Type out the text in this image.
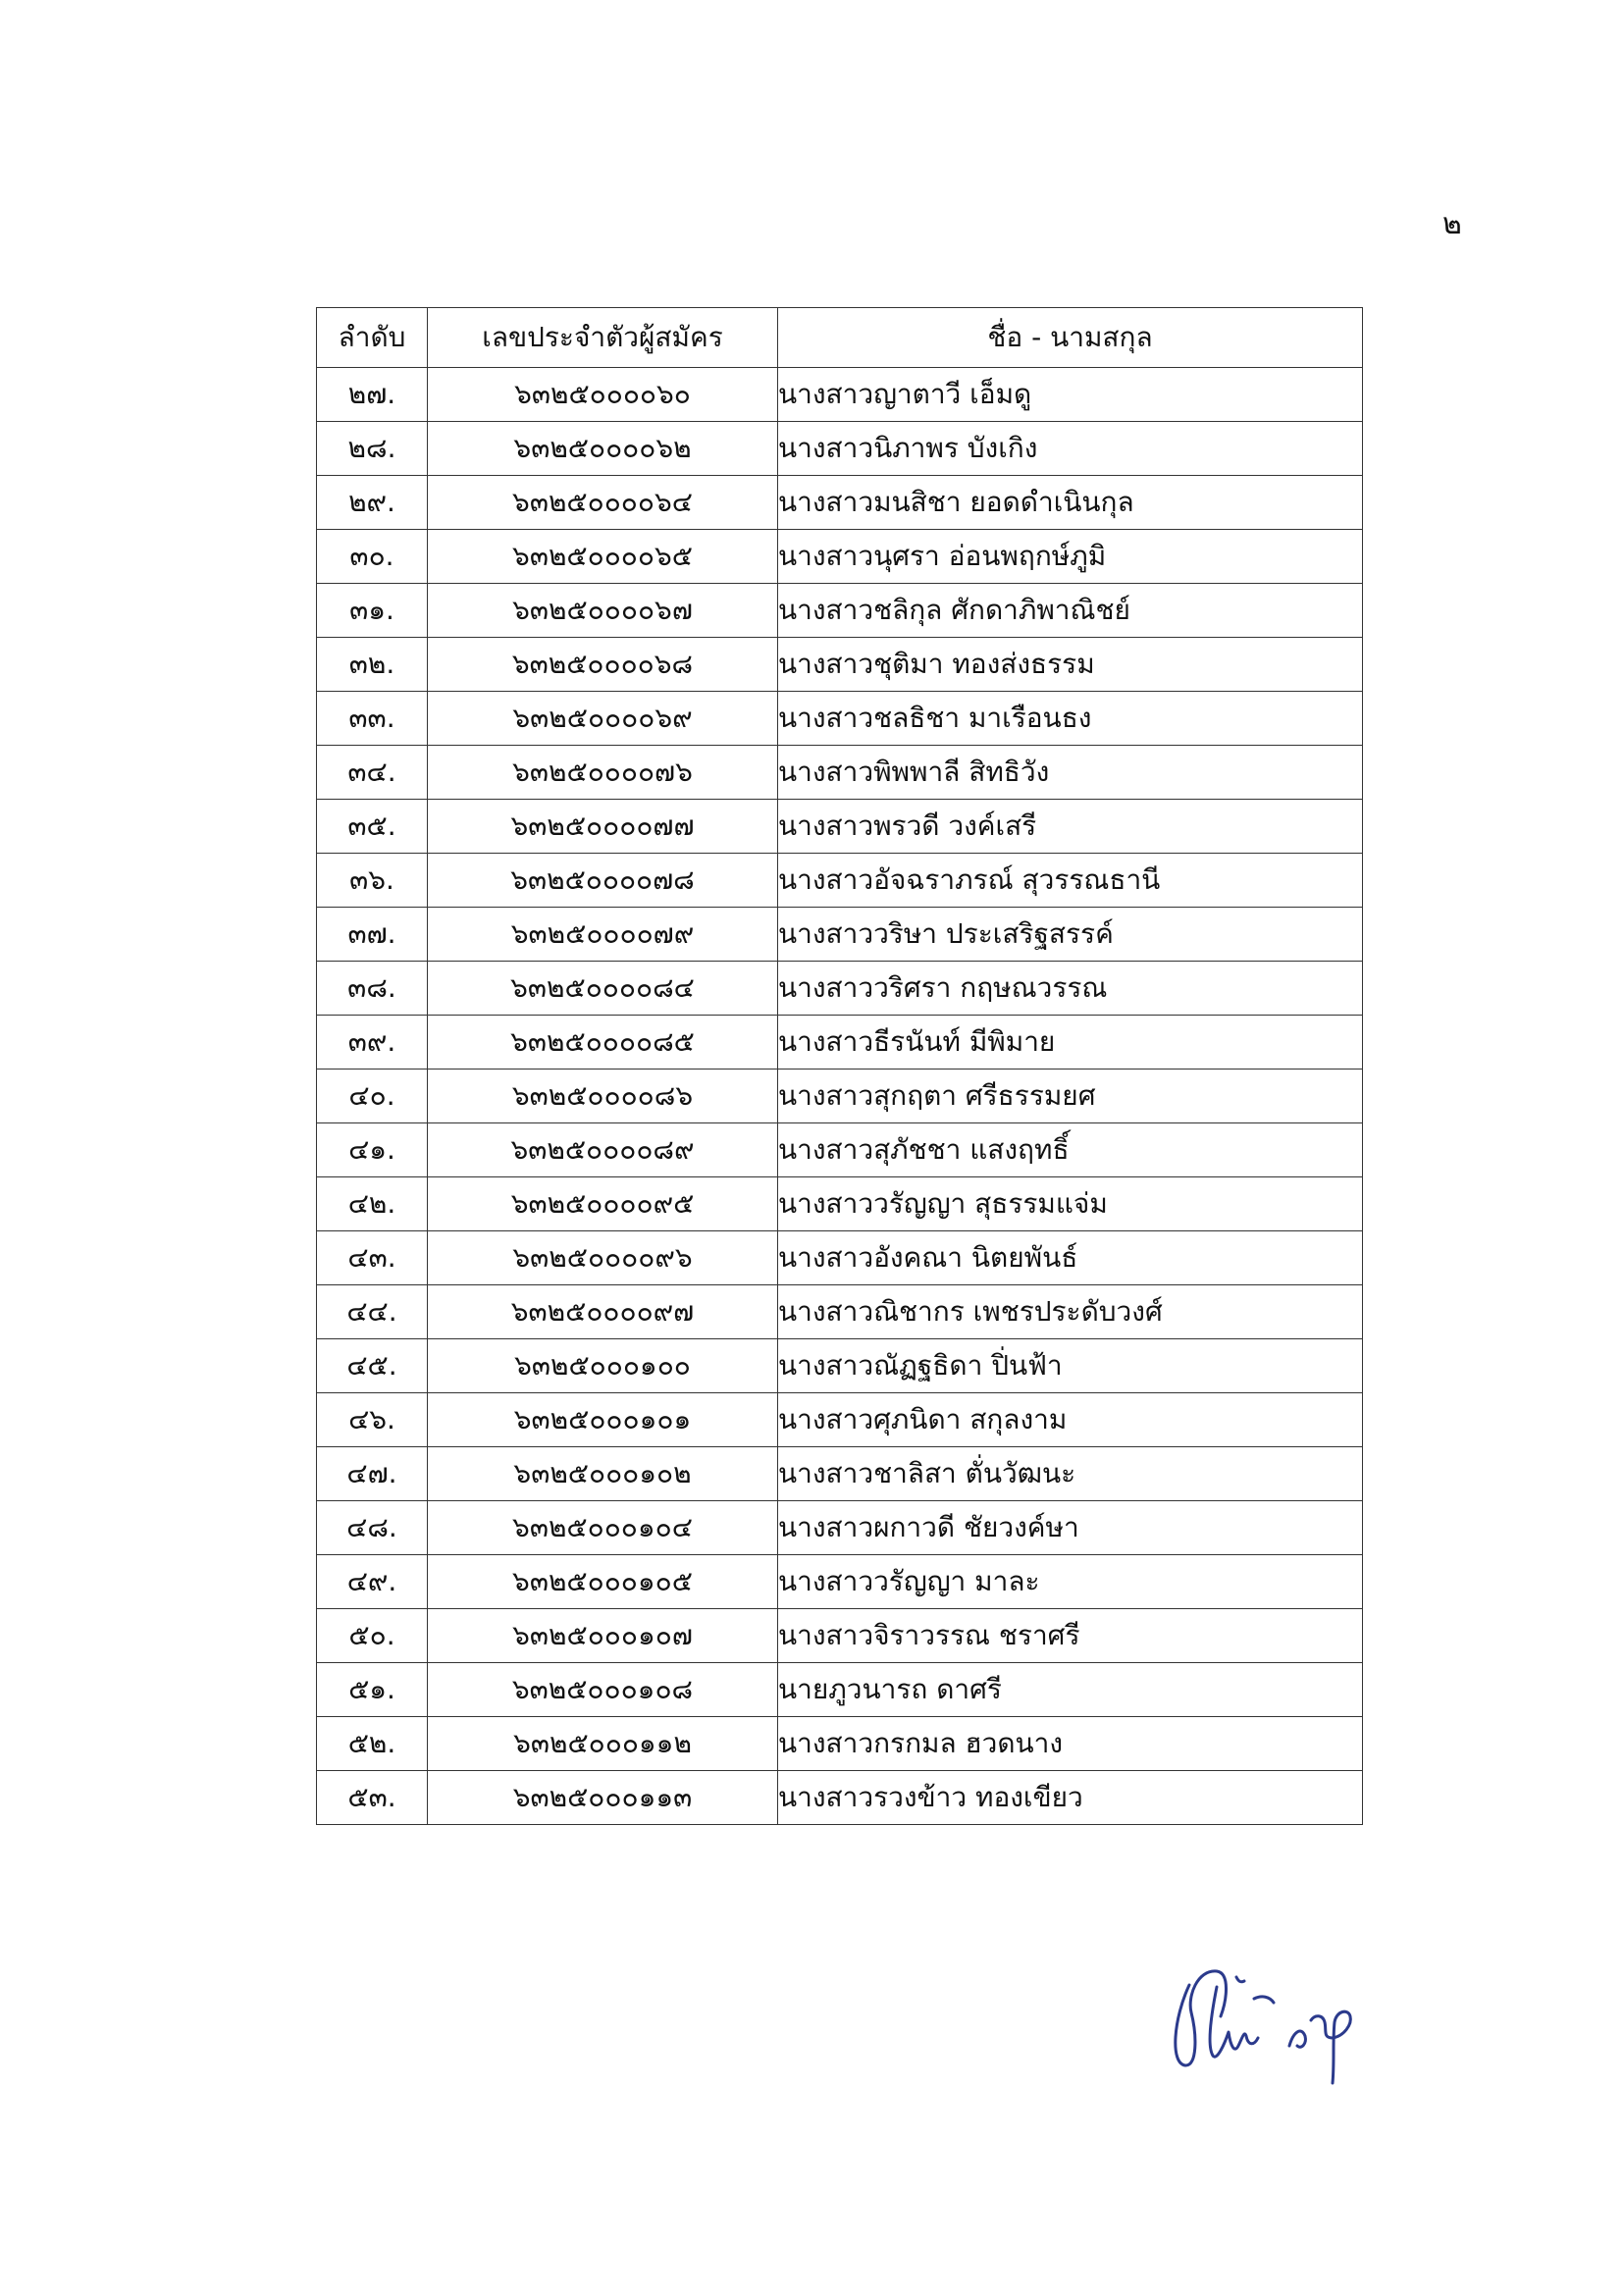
๒
ลำดับ	เลขประจำตัวผู้สมัคร	ชื่อ - นามสกุล
๒๗.	๖๓๒๕๐๐๐๐๖๐	นางสาวญาตาวี เอ็มดู
๒๘.	๖๓๒๕๐๐๐๐๖๒	นางสาวนิภาพร บังเกิง
๒๙.	๖๓๒๕๐๐๐๐๖๔	นางสาวมนสิชา ยอดดำเนินกุล
๓๐.	๖๓๒๕๐๐๐๐๖๕	นางสาวนุศรา อ่อนพฤกษ์ภูมิ
๓๑.	๖๓๒๕๐๐๐๐๖๗	นางสาวชลิกุล ศักดาภิพาณิชย์
๓๒.	๖๓๒๕๐๐๐๐๖๘	นางสาวชุติมา ทองส่งธรรม
๓๓.	๖๓๒๕๐๐๐๐๖๙	นางสาวชลธิชา มาเรือนธง
๓๔.	๖๓๒๕๐๐๐๐๗๖	นางสาวพิพพาลี สิทธิวัง
๓๕.	๖๓๒๕๐๐๐๐๗๗	นางสาวพรวดี วงค์เสรี
๓๖.	๖๓๒๕๐๐๐๐๗๘	นางสาวอัจฉราภรณ์ สุวรรณธานี
๓๗.	๖๓๒๕๐๐๐๐๗๙	นางสาววริษา ประเสริฐสรรค์
๓๘.	๖๓๒๕๐๐๐๐๘๔	นางสาววริศรา กฤษณวรรณ
๓๙.	๖๓๒๕๐๐๐๐๘๕	นางสาวธีรนันท์ มีพิมาย
๔๐.	๖๓๒๕๐๐๐๐๘๖	นางสาวสุกฤตา ศรีธรรมยศ
๔๑.	๖๓๒๕๐๐๐๐๘๙	นางสาวสุภัชชา แสงฤทธิ์
๔๒.	๖๓๒๕๐๐๐๐๙๕	นางสาววรัญญา สุธรรมแจ่ม
๔๓.	๖๓๒๕๐๐๐๐๙๖	นางสาวอังคณา นิตยพันธ์
๔๔.	๖๓๒๕๐๐๐๐๙๗	นางสาวณิชากร เพชรประดับวงศ์
๔๕.	๖๓๒๕๐๐๐๑๐๐	นางสาวณัฏฐธิดา ปิ่นฟ้า
๔๖.	๖๓๒๕๐๐๐๑๐๑	นางสาวศุภนิดา สกุลงาม
๔๗.	๖๓๒๕๐๐๐๑๐๒	นางสาวชาลิสา ตั่นวัฒนะ
๔๘.	๖๓๒๕๐๐๐๑๐๔	นางสาวผกาวดี ชัยวงค์ษา
๔๙.	๖๓๒๕๐๐๐๑๐๕	นางสาววรัญญา มาละ
๕๐.	๖๓๒๕๐๐๐๑๐๗	นางสาวจิราวรรณ ชราศรี
๕๑.	๖๓๒๕๐๐๐๑๐๘	นายภูวนารถ ดาศรี
๕๒.	๖๓๒๕๐๐๐๑๑๒	นางสาวกรกมล ฮวดนาง
๕๓.	๖๓๒๕๐๐๐๑๑๓	นางสาวรวงข้าว ทองเขียว
